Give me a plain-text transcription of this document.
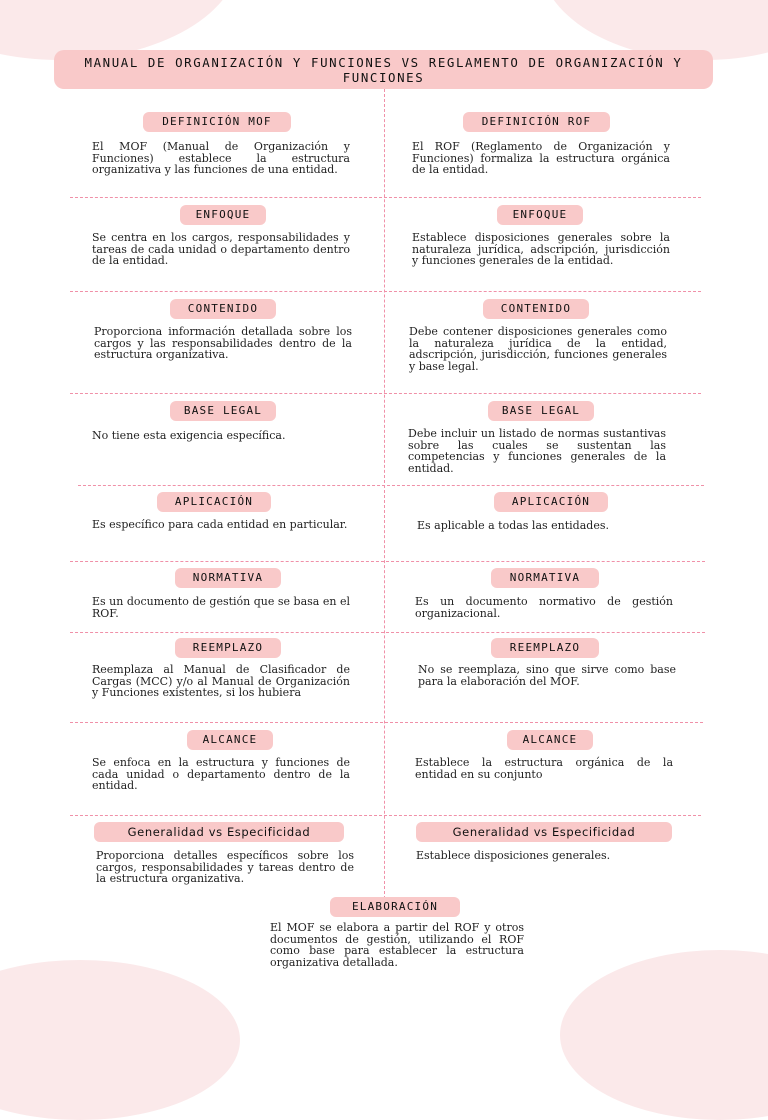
MANUAL DE ORGANIZACIÓN Y FUNCIONES VS REGLAMENTO DE ORGANIZACIÓN Y FUNCIONES
DEFINICIÓN MOF	DEFINICIÓN ROF
El MOF (Manual de Organización y Funciones) establece la estructura organizativa y las funciones de una entidad.
El ROF (Reglamento de Organización y Funciones) formaliza la estructura orgánica de la entidad.
ENFOQUE	ENFOQUE
Se centra en los cargos, responsabilidades y tareas de cada unidad o departamento dentro de la entidad.
Establece disposiciones generales sobre la naturaleza jurídica, adscripción, jurisdicción y funciones generales de la entidad.
CONTENIDO	CONTENIDO
Proporciona información detallada sobre los cargos y las responsabilidades dentro de la estructura organizativa.
Debe contener disposiciones generales como la naturaleza jurídica de la entidad, adscripción, jurisdicción, funciones generales y base legal.
BASE LEGAL	BASE LEGAL
No tiene esta exigencia específica.	Debe incluir un listado de normas sustantivas sobre las cuales se sustentan las competencias y funciones generales de la entidad.
APLICACIÓN	APLICACIÓN
Es específico para cada entidad en particular.	Es aplicable a todas las entidades.
NORMATIVA	NORMATIVA
Es un documento de gestión que se basa en el ROF.
Es un documento normativo de gestión organizacional.
REEMPLAZO	REEMPLAZO
Reemplaza al Manual de Clasificador de Cargas (MCC) y/o al Manual de Organización y Funciones existentes, si los hubiera
No se reemplaza, sino que sirve como base para la elaboración del MOF.
ALCANCE	ALCANCE
Se enfoca en la estructura y funciones de cada unidad o departamento dentro de la entidad.
Establece la estructura orgánica de la entidad en su conjunto
Generalidad vs Especificidad	Generalidad vs Especificidad
Proporciona detalles específicos sobre los cargos, responsabilidades y tareas dentro de la estructura organizativa.
Establece disposiciones generales.
ELABORACIÓN
El MOF se elabora a partir del ROF y otros documentos de gestión, utilizando el ROF como base para establecer la estructura organizativa detallada.
